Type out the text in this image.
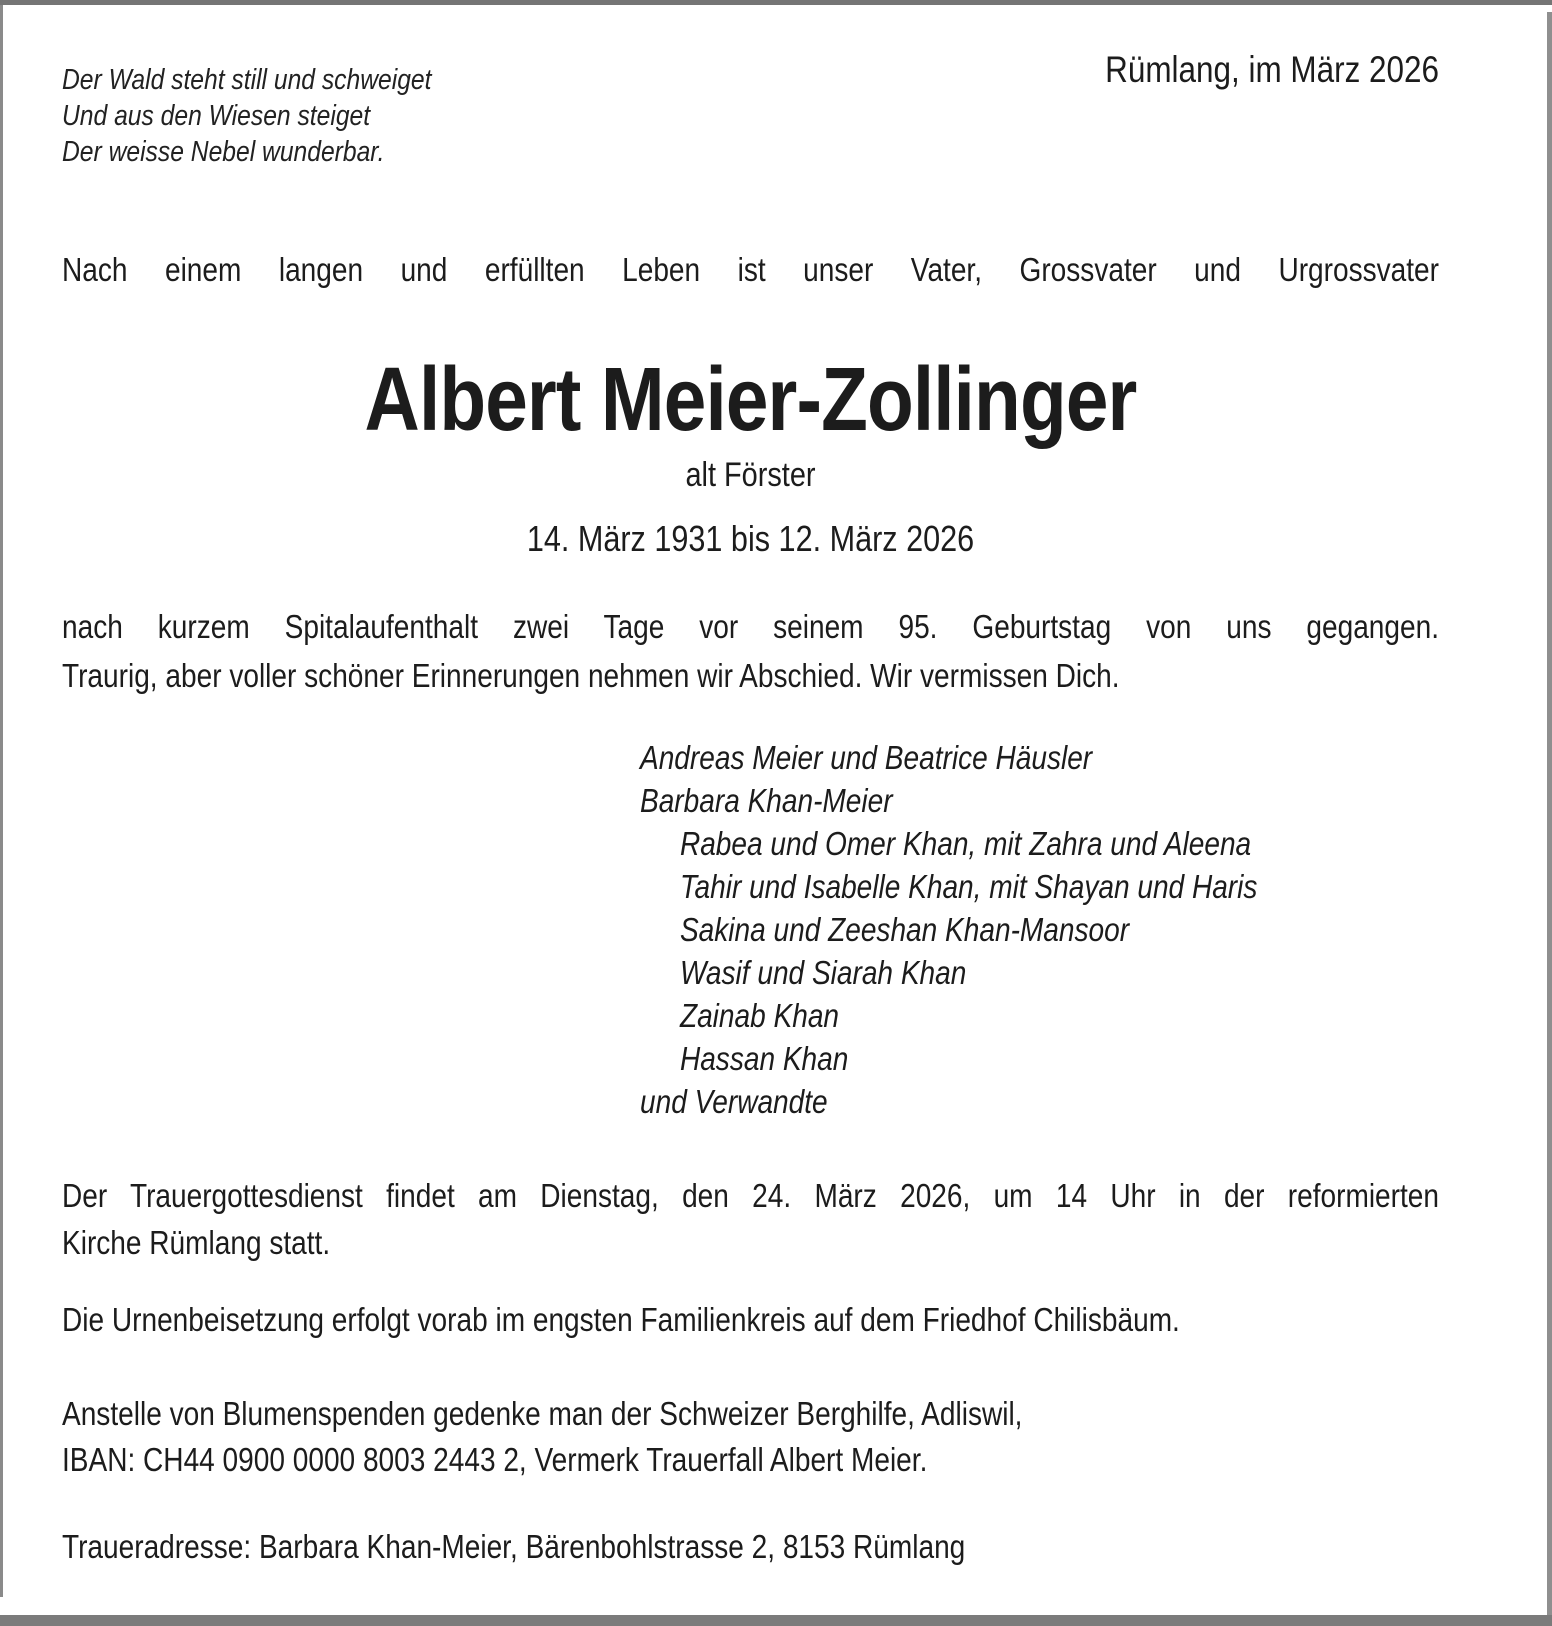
Der Wald steht still und schweiget
Und aus den Wiesen steiget
Der weisse Nebel wunderbar.
Rümlang, im März 2026
Nach einem langen und erfüllten Leben ist unser Vater, Grossvater und Urgrossvater
Albert Meier-Zollinger
alt Förster
14. März 1931 bis 12. März 2026
nach kurzem Spitalaufenthalt zwei Tage vor seinem 95. Geburtstag von uns gegangen.
Traurig, aber voller schöner Erinnerungen nehmen wir Abschied. Wir vermissen Dich.
Andreas Meier und Beatrice Häusler
Barbara Khan-Meier
Rabea und Omer Khan, mit Zahra und Aleena
Tahir und Isabelle Khan, mit Shayan und Haris
Sakina und Zeeshan Khan-Mansoor
Wasif und Siarah Khan
Zainab Khan
Hassan Khan
und Verwandte
Der Trauergottesdienst findet am Dienstag, den 24. März 2026, um 14 Uhr in der reformierten
Kirche Rümlang statt.
Die Urnenbeisetzung erfolgt vorab im engsten Familienkreis auf dem Friedhof Chilisbäum.
Anstelle von Blumenspenden gedenke man der Schweizer Berghilfe, Adliswil,
IBAN: CH44 0900 0000 8003 2443 2, Vermerk Trauerfall Albert Meier.
Traueradresse: Barbara Khan-Meier, Bärenbohlstrasse 2, 8153 Rümlang
